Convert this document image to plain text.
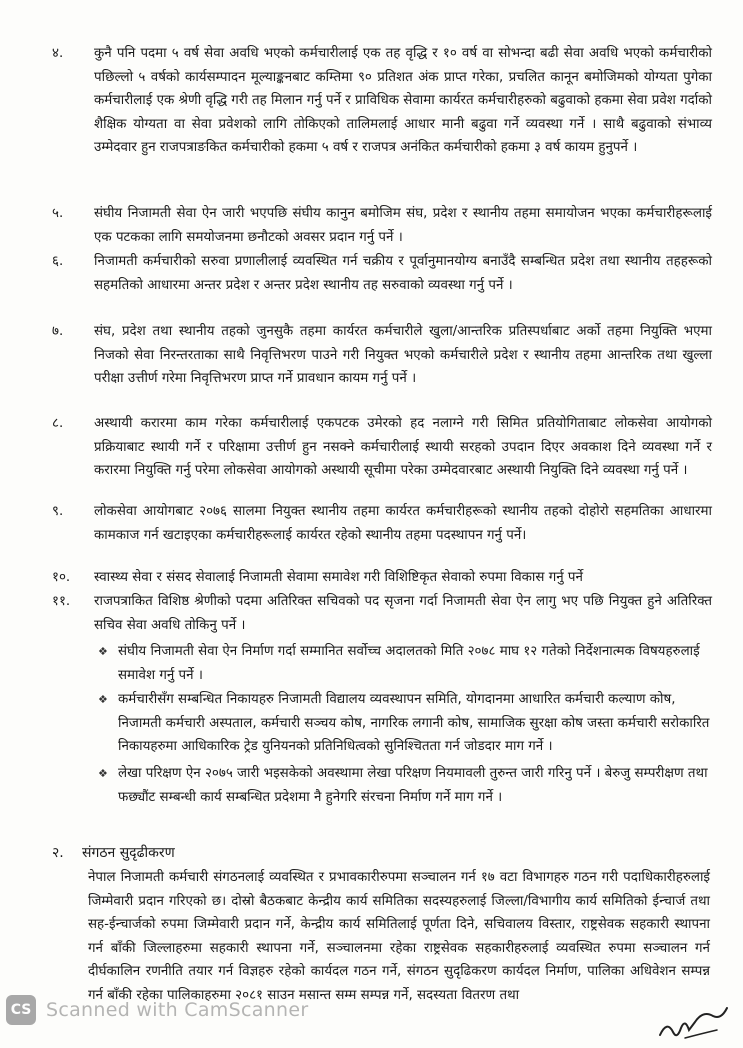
४.	कुनै पनि पदमा ५ वर्ष सेवा अवधि भएको कर्मचारीलाई एक तह वृद्धि र १० वर्ष वा सोभन्दा बढी सेवा अवधि भएको कर्मचारीको पछिल्लो ५ वर्षको कार्यसम्पादन मूल्याङ्कनबाट कम्तिमा ९० प्रतिशत अंक प्राप्त गरेका, प्रचलित कानून बमोजिमको योग्यता पुगेका कर्मचारीलाई एक श्रेणी वृद्धि गरी तह मिलान गर्नु पर्ने र प्राविधिक सेवामा कार्यरत कर्मचारीहरुको बढुवाको हकमा सेवा प्रवेश गर्दाको शैक्षिक योग्यता वा सेवा प्रवेशको लागि तोकिएको तालिमलाई आधार मानी बढुवा गर्ने व्यवस्था गर्ने । साथै बढुवाको संभाव्य उम्मेदवार हुन राजपत्राङकित कर्मचारीको हकमा ५ वर्ष र राजपत्र अनंकित कर्मचारीको हकमा ३ वर्ष कायम हुनुपर्ने ।
५.	संघीय निजामती सेवा ऐन जारी भएपछि संघीय कानुन बमोजिम संघ, प्रदेश र स्थानीय तहमा समायोजन भएका कर्मचारीहरूलाई एक पटकका लागि समयोजनमा छनौटको अवसर प्रदान गर्नु पर्ने ।
६.	निजामती कर्मचारीको सरुवा प्रणालीलाई व्यवस्थित गर्न चक्रीय र पूर्वानुमानयोग्य बनाउँदै सम्बन्धित प्रदेश तथा स्थानीय तहहरूको सहमतिको आधारमा अन्तर प्रदेश र अन्तर प्रदेश स्थानीय तह सरुवाको व्यवस्था गर्नु पर्ने ।
७.	संघ, प्रदेश तथा स्थानीय तहको जुनसुकै तहमा कार्यरत कर्मचारीले खुला/आन्तरिक प्रतिस्पर्धाबाट अर्को तहमा नियुक्ति भएमा निजको सेवा निरन्तरताका साथै निवृत्तिभरण पाउने गरी नियुक्त भएको कर्मचारीले प्रदेश र स्थानीय तहमा आन्तरिक तथा खुल्ला परीक्षा उत्तीर्ण गरेमा निवृत्तिभरण प्राप्त गर्ने प्रावधान कायम गर्नु पर्ने ।
८.	अस्थायी करारमा काम गरेका कर्मचारीलाई एकपटक उमेरको हद नलाग्ने गरी सिमित प्रतियोगिताबाट लोकसेवा आयोगको प्रक्रियाबाट स्थायी गर्ने र परिक्षामा उत्तीर्ण हुन नसक्ने कर्मचारीलाई स्थायी सरहको उपदान दिएर अवकाश दिने व्यवस्था गर्ने र करारमा नियुक्ति गर्नु परेमा लोकसेवा आयोगको अस्थायी सूचीमा परेका उम्मेदवारबाट अस्थायी नियुक्ति दिने व्यवस्था गर्नु पर्ने ।
९.	लोकसेवा आयोगबाट २०७६ सालमा नियुक्त स्थानीय तहमा कार्यरत कर्मचारीहरूको स्थानीय तहको दोहोरो सहमतिका आधारमा कामकाज गर्न खटाइएका कर्मचारीहरूलाई कार्यरत रहेको स्थानीय तहमा पदस्थापन गर्नु पर्ने।
१०.	स्वास्थ्य सेवा र संसद सेवालाई निजामती सेवामा समावेश गरी विशिष्टिकृत सेवाको रुपमा विकास गर्नु पर्ने
११.	राजपत्राकित विशिष्ठ श्रेणीको पदमा अतिरिक्त सचिवको पद सृजना गर्दा निजामती सेवा ऐन लागु भए पछि नियुक्त हुने अतिरिक्त सचिव सेवा अवधि तोकिनु पर्ने ।
❖ संघीय निजामती सेवा ऐन निर्माण गर्दा सम्मानित सर्वोच्च अदालतको मिति २०७८ माघ १२ गतेको निर्देशनात्मक विषयहरुलाई समावेश गर्नु पर्ने ।
❖ कर्मचारीसँग सम्बन्धित निकायहरु निजामती विद्यालय व्यवस्थापन समिति, योगदानमा आधारित कर्मचारी कल्याण कोष, निजामती कर्मचारी अस्पताल, कर्मचारी सञ्चय कोष, नागरिक लगानी कोष, सामाजिक सुरक्षा कोष जस्ता कर्मचारी सरोकारित निकायहरुमा आधिकारिक ट्रेड युनियनको प्रतिनिधित्वको सुनिश्चितता गर्न जोडदार माग गर्ने ।
❖ लेखा परिक्षण ऐन २०७५ जारी भइसकेको अवस्थामा लेखा परिक्षण नियमावली तुरुन्त जारी गरिनु पर्ने । बेरुजु सम्परीक्षण तथा फछ्यौंट सम्बन्धी कार्य सम्बन्धित प्रदेशमा नै हुनेगरि संरचना निर्माण गर्ने माग गर्ने ।
२. संगठन सुदृढीकरण
नेपाल निजामती कर्मचारी संगठनलाई व्यवस्थित र प्रभावकारीरुपमा सञ्चालन गर्न १७ वटा विभागहरु गठन गरी पदाधिकारीहरुलाई जिम्मेवारी प्रदान गरिएको छ। दोस्रो बैठकबाट केन्द्रीय कार्य समितिका सदस्यहरुलाई जिल्ला/विभागीय कार्य समितिको ईन्चार्ज तथा सह-ईन्चार्जको रुपमा जिम्मेवारी प्रदान गर्ने, केन्द्रीय कार्य समितिलाई पूर्णता दिने, सचिवालय विस्तार, राष्ट्रसेवक सहकारी स्थापना गर्न बाँकी जिल्लाहरुमा सहकारी स्थापना गर्ने, सञ्चालनमा रहेका राष्ट्रसेवक सहकारीहरुलाई व्यवस्थित रुपमा सञ्चालन गर्न दीर्घकालिन रणनीति तयार गर्न विज्ञहरु रहेको कार्यदल गठन गर्ने, संगठन सुदृढिकरण कार्यदल निर्माण, पालिका अधिवेशन सम्पन्न गर्न बाँकी रहेका पालिकाहरुमा २०८१ साउन मसान्त सम्म सम्पन्न गर्ने, सदस्यता वितरण तथा
CS Scanned with CamScanner
